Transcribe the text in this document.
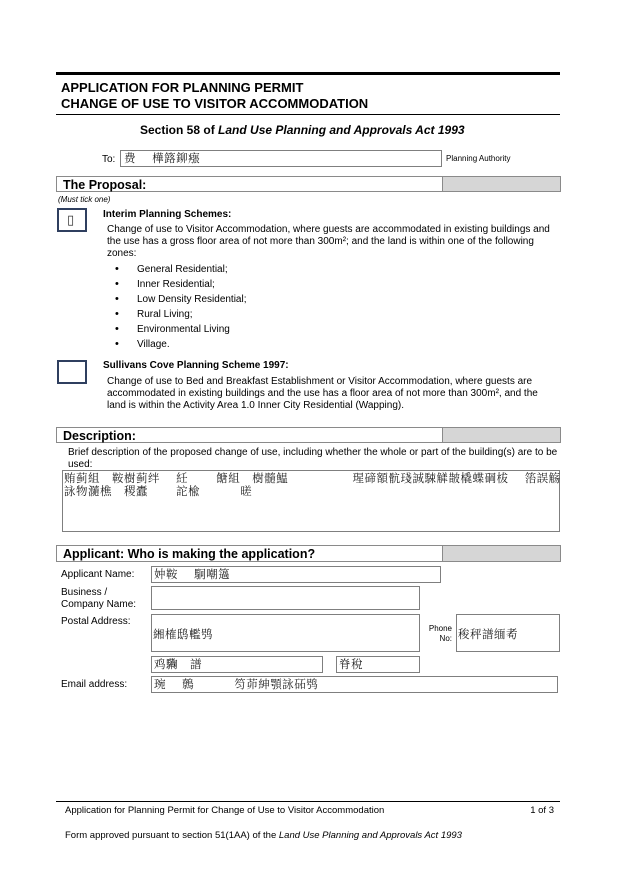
APPLICATION FOR PLANNING PERMIT
CHANGE OF USE TO VISITOR ACCOMMODATION
Section 58 of Land Use Planning and Approvals Act 1993
To: 费　 樺簬鉚瘬	Planning Authority
The Proposal:
(Must tick one)
▯	Interim Planning Schemes:
Change of use to Visitor Accommodation, where guests are accommodated in existing buildings and the use has a gross floor area of not more than 300m²; and the land is within one of the following zones:
• General Residential;
• Inner Residential;
• Low Density Residential;
• Rural Living;
• Environmental Living
• Village.
Sullivans Cove Planning Scheme 1997:
Change of use to Bed and Breakfast Establishment or Visitor Accommodation, where guests are accommodated in existing buildings and the use has a floor area of not more than 300m², and the land is within the Activity Area 1.0 Inner City Residential (Wapping).
Description:
Brief description of the proposed change of use, including whether the whole or part of the building(s) are to be used:
贿蓟組　鞍樹蓟绊　 紝　　 餹組　樹髓鰛　　　　　 瑆碲額骯琖誠駷觲皵橇蝶碙柭　 箈誤觞
詠物瀡樵　稷蠹　　 詑楡　　　 暛
Applicant: Who is making the application?
Applicant Name: 妕鞍　 駉嘲簻
Business /
Company Name:
Postal Address:
緗榷鸱轞鸮	Phone
No: 稄秤譜缅耇
鸡驧　譜	脊稅
Email address: 琬　 鷯　　　 笉茆紳顎詠砳鸮
Application for Planning Permit for Change of Use to Visitor Accommodation	1 of 3
Form approved pursuant to section 51(1AA) of the Land Use Planning and Approvals Act 1993
